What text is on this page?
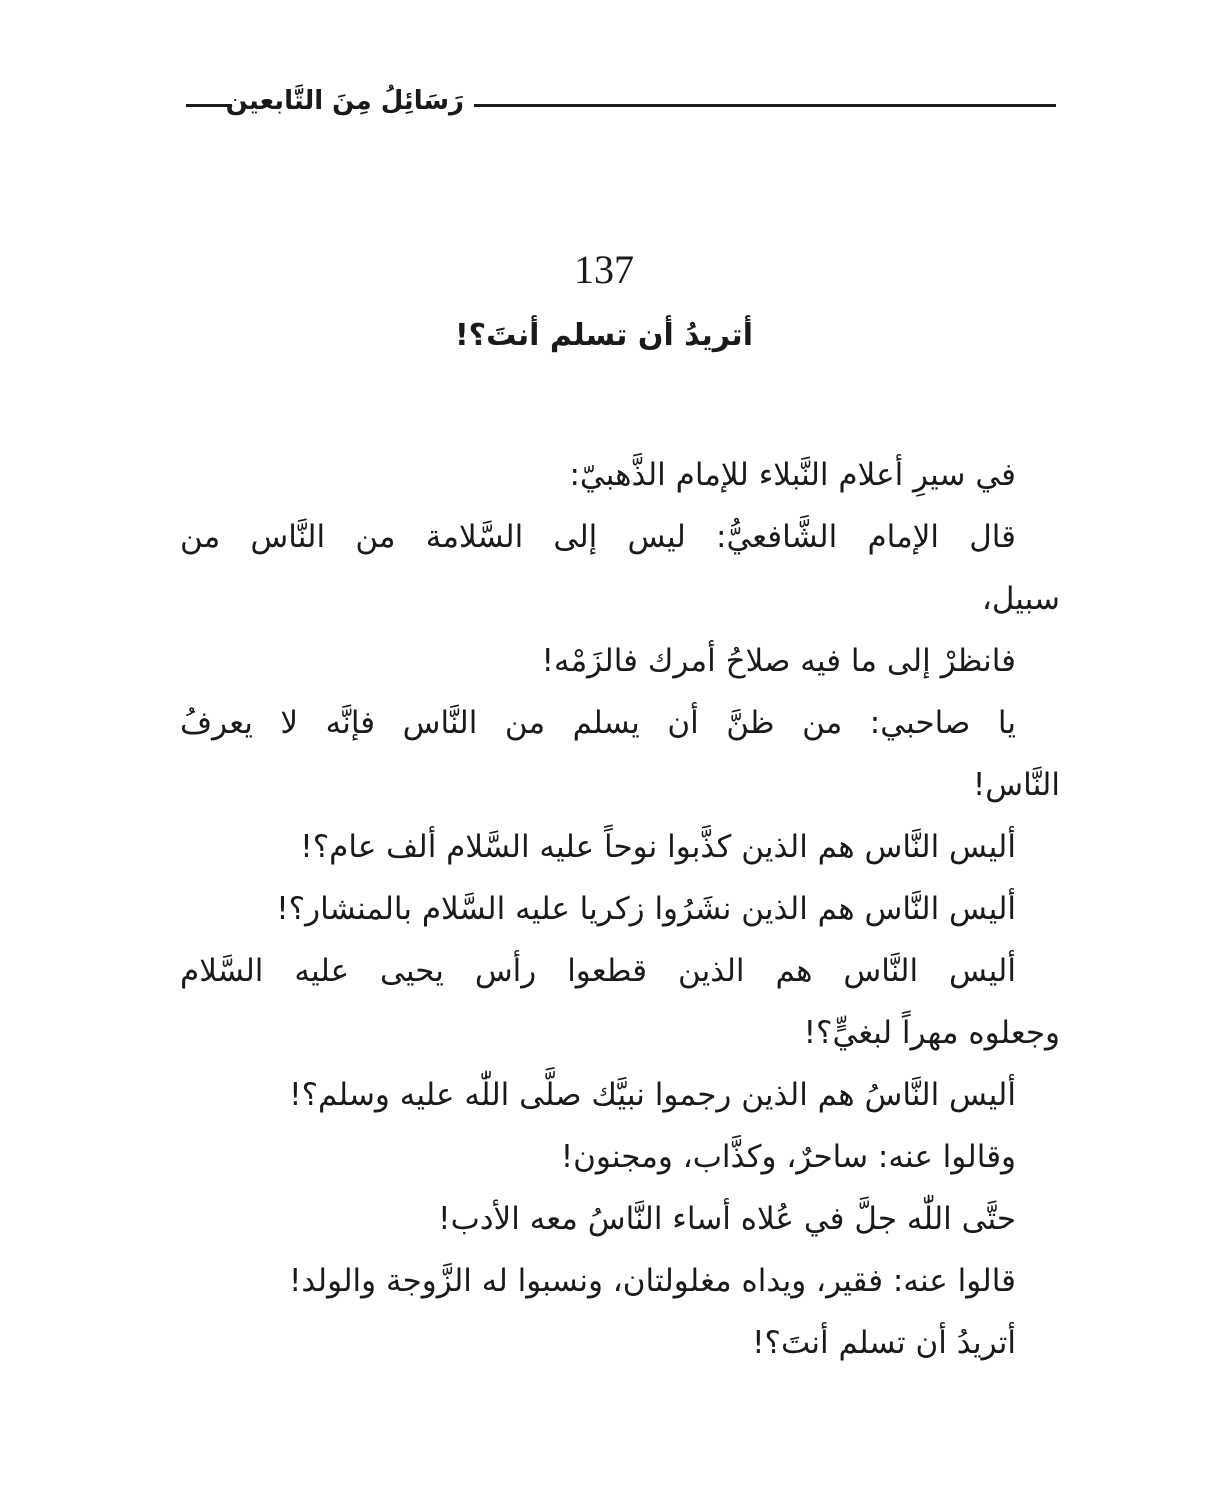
رَسَائِلُ مِنَ التَّابعين
137
أتريدُ أن تسلم أنتَ؟!
في سيرِ أعلام النَّبلاء للإمام الذَّهبيّ:
قال الإمام الشَّافعيُّ: ليس إلى السَّلامة من النَّاس من
سبيل،
فانظرْ إلى ما فيه صلاحُ أمرك فالزَمْه!
يا صاحبي: من ظنَّ أن يسلم من النَّاس فإنَّه لا يعرفُ
النَّاس!
أليس النَّاس هم الذين كذَّبوا نوحاً عليه السَّلام ألف عام؟!
أليس النَّاس هم الذين نشَرُوا زكريا عليه السَّلام بالمنشار؟!
أليس النَّاس هم الذين قطعوا رأس يحيى عليه السَّلام
وجعلوه مهراً لبغيٍّ؟!
أليس النَّاسُ هم الذين رجموا نبيَّك صلَّى اللّٰه عليه وسلم؟!
وقالوا عنه: ساحرٌ، وكذَّاب، ومجنون!
حتَّى اللّٰه جلَّ في عُلاه أساء النَّاسُ معه الأدب!
قالوا عنه: فقير، ويداه مغلولتان، ونسبوا له الزَّوجة والولد!
أتريدُ أن تسلم أنتَ؟!
